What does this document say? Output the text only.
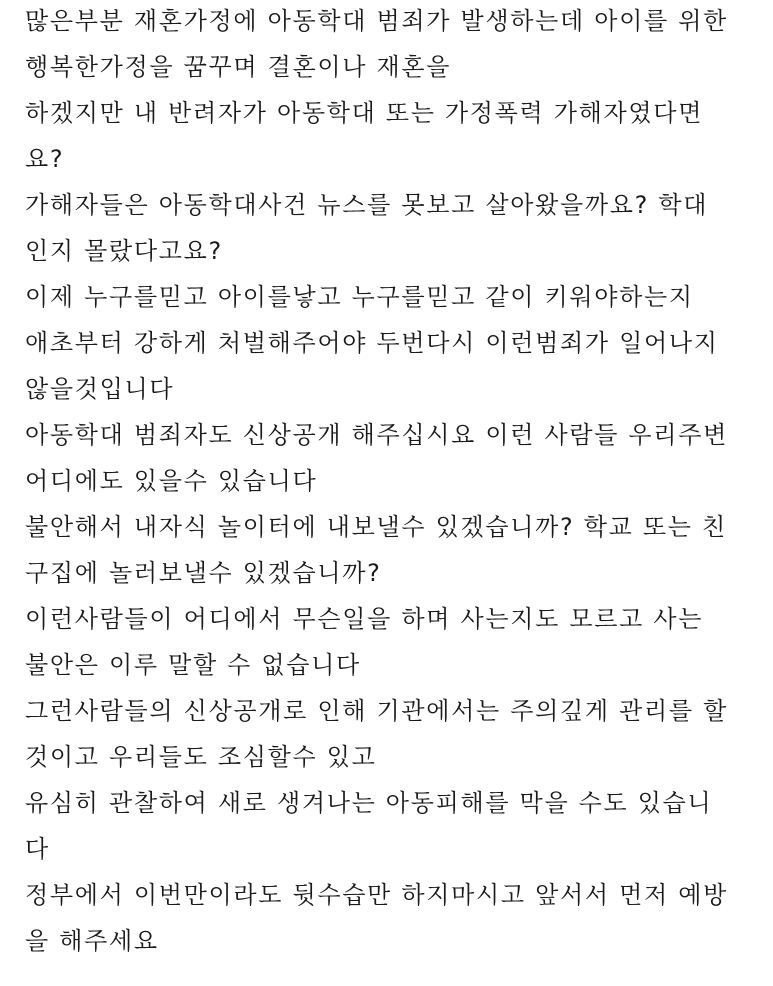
많은부분 재혼가정에 아동학대 범죄가 발생하는데 아이를 위한
행복한가정을 꿈꾸며 결혼이나 재혼을
하겠지만 내 반려자가 아동학대 또는 가정폭력 가해자였다면
요?
가해자들은 아동학대사건 뉴스를 못보고 살아왔을까요? 학대
인지 몰랐다고요?
이제 누구를믿고 아이를낳고 누구를믿고 같이 키워야하는지
애초부터 강하게 처벌해주어야 두번다시 이런범죄가 일어나지
않을것입니다
아동학대 범죄자도 신상공개 해주십시요 이런 사람들 우리주변
어디에도 있을수 있습니다
불안해서 내자식 놀이터에 내보낼수 있겠습니까? 학교 또는 친
구집에 놀러보낼수 있겠습니까?
이런사람들이 어디에서 무슨일을 하며 사는지도 모르고 사는
불안은 이루 말할 수 없습니다
그런사람들의 신상공개로 인해 기관에서는 주의깊게 관리를 할
것이고 우리들도 조심할수 있고
유심히 관찰하여 새로 생겨나는 아동피해를 막을 수도 있습니
다
정부에서 이번만이라도 뒷수습만 하지마시고 앞서서 먼저 예방
을 해주세요
